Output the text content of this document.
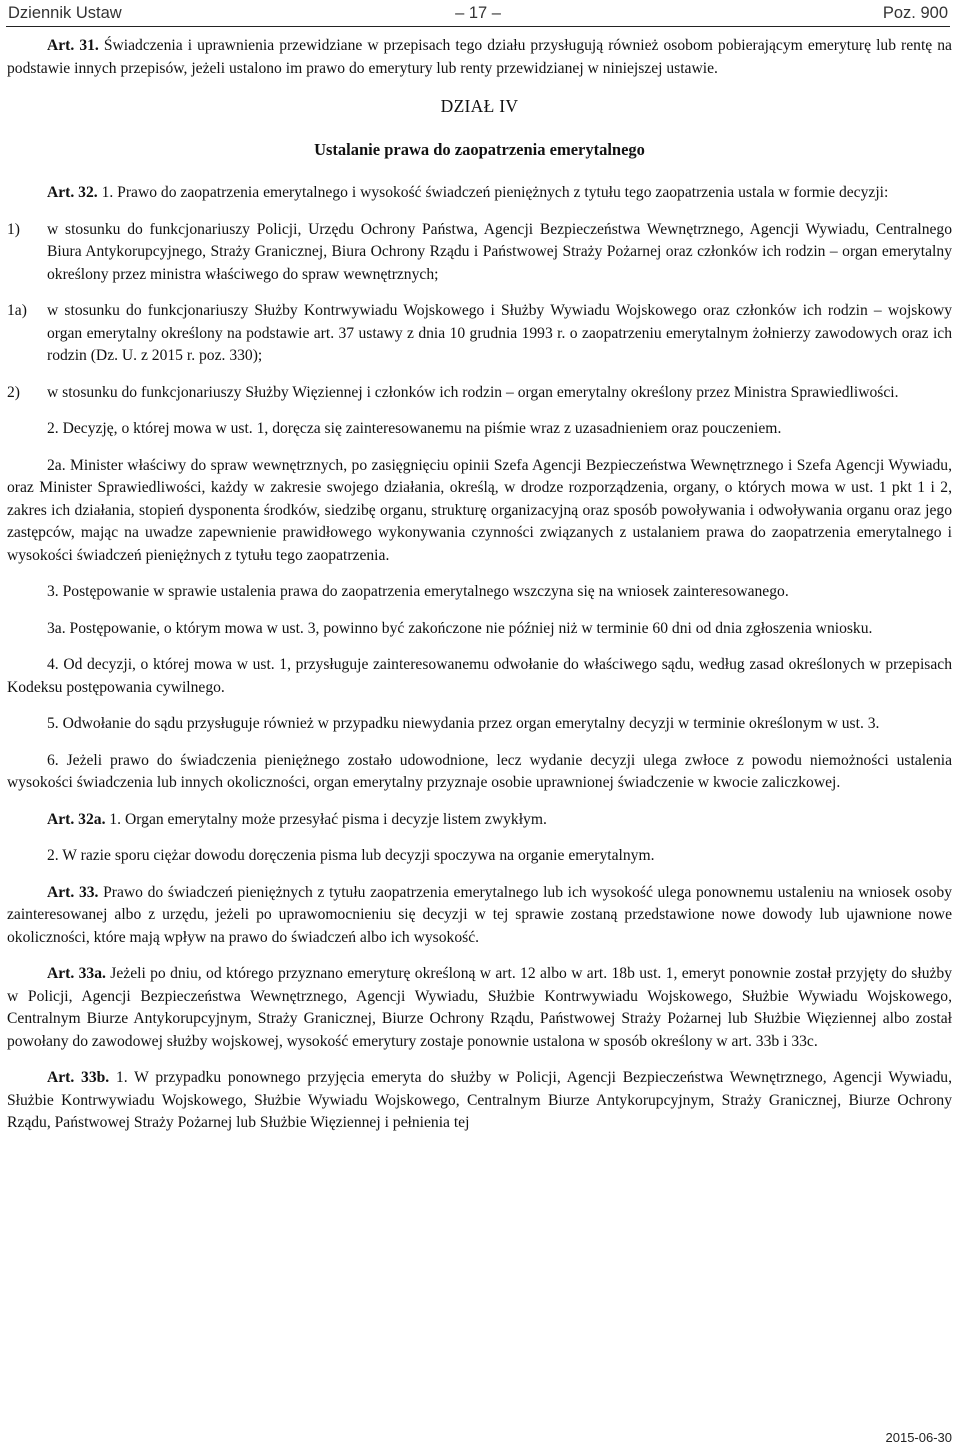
Dziennik Ustaw	– 17 –	Poz. 900

Art. 31. Świadczenia i uprawnienia przewidziane w przepisach tego działu przysługują również osobom pobierającym emeryturę lub rentę na podstawie innych przepisów, jeżeli ustalono im prawo do emerytury lub renty przewidzianej w niniejszej ustawie.

DZIAŁ IV
Ustalanie prawa do zaopatrzenia emerytalnego

Art. 32. 1. Prawo do zaopatrzenia emerytalnego i wysokość świadczeń pieniężnych z tytułu tego zaopatrzenia ustala w formie decyzji:

1)	w stosunku do funkcjonariuszy Policji, Urzędu Ochrony Państwa, Agencji Bezpieczeństwa Wewnętrznego, Agencji Wywiadu, Centralnego Biura Antykorupcyjnego, Straży Granicznej, Biura Ochrony Rządu i Państwowej Straży Pożarnej oraz członków ich rodzin – organ emerytalny określony przez ministra właściwego do spraw wewnętrznych;
1a)	w stosunku do funkcjonariuszy Służby Kontrwywiadu Wojskowego i Służby Wywiadu Wojskowego oraz członków ich rodzin – wojskowy organ emerytalny określony na podstawie art. 37 ustawy z dnia 10 grudnia 1993 r. o zaopatrzeniu emerytalnym żołnierzy zawodowych oraz ich rodzin (Dz. U. z 2015 r. poz. 330);
2)	w stosunku do funkcjonariuszy Służby Więziennej i członków ich rodzin – organ emerytalny określony przez Ministra Sprawiedliwości.

2. Decyzję, o której mowa w ust. 1, doręcza się zainteresowanemu na piśmie wraz z uzasadnieniem oraz pouczeniem.

2a. Minister właściwy do spraw wewnętrznych, po zasięgnięciu opinii Szefa Agencji Bezpieczeństwa Wewnętrznego i Szefa Agencji Wywiadu, oraz Minister Sprawiedliwości, każdy w zakresie swojego działania, określą, w drodze rozporządzenia, organy, o których mowa w ust. 1 pkt 1 i 2, zakres ich działania, stopień dysponenta środków, siedzibę organu, strukturę organizacyjną oraz sposób powoływania i odwoływania organu oraz jego zastępców, mając na uwadze zapewnienie prawidłowego wykonywania czynności związanych z ustalaniem prawa do zaopatrzenia emerytalnego i wysokości świadczeń pieniężnych z tytułu tego zaopatrzenia.

3. Postępowanie w sprawie ustalenia prawa do zaopatrzenia emerytalnego wszczyna się na wniosek zainteresowanego.

3a. Postępowanie, o którym mowa w ust. 3, powinno być zakończone nie później niż w terminie 60 dni od dnia zgłoszenia wniosku.

4. Od decyzji, o której mowa w ust. 1, przysługuje zainteresowanemu odwołanie do właściwego sądu, według zasad określonych w przepisach Kodeksu postępowania cywilnego.

5. Odwołanie do sądu przysługuje również w przypadku niewydania przez organ emerytalny decyzji w terminie określonym w ust. 3.

6. Jeżeli prawo do świadczenia pieniężnego zostało udowodnione, lecz wydanie decyzji ulega zwłoce z powodu niemożności ustalenia wysokości świadczenia lub innych okoliczności, organ emerytalny przyznaje osobie uprawnionej świadczenie w kwocie zaliczkowej.

Art. 32a. 1. Organ emerytalny może przesyłać pisma i decyzje listem zwykłym.

2. W razie sporu ciężar dowodu doręczenia pisma lub decyzji spoczywa na organie emerytalnym.

Art. 33. Prawo do świadczeń pieniężnych z tytułu zaopatrzenia emerytalnego lub ich wysokość ulega ponownemu ustaleniu na wniosek osoby zainteresowanej albo z urzędu, jeżeli po uprawomocnieniu się decyzji w tej sprawie zostaną przedstawione nowe dowody lub ujawnione nowe okoliczności, które mają wpływ na prawo do świadczeń albo ich wysokość.

Art. 33a. Jeżeli po dniu, od którego przyznano emeryturę określoną w art. 12 albo w art. 18b ust. 1, emeryt ponownie został przyjęty do służby w Policji, Agencji Bezpieczeństwa Wewnętrznego, Agencji Wywiadu, Służbie Kontrwywiadu Wojskowego, Służbie Wywiadu Wojskowego, Centralnym Biurze Antykorupcyjnym, Straży Granicznej, Biurze Ochrony Rządu, Państwowej Straży Pożarnej lub Służbie Więziennej albo został powołany do zawodowej służby wojskowej, wysokość emerytury zostaje ponownie ustalona w sposób określony w art. 33b i 33c.

Art. 33b. 1. W przypadku ponownego przyjęcia emeryta do służby w Policji, Agencji Bezpieczeństwa Wewnętrznego, Agencji Wywiadu, Służbie Kontrwywiadu Wojskowego, Służbie Wywiadu Wojskowego, Centralnym Biurze Antykorupcyjnym, Straży Granicznej, Biurze Ochrony Rządu, Państwowej Straży Pożarnej lub Służbie Więziennej i pełnienia tej

2015-06-30
